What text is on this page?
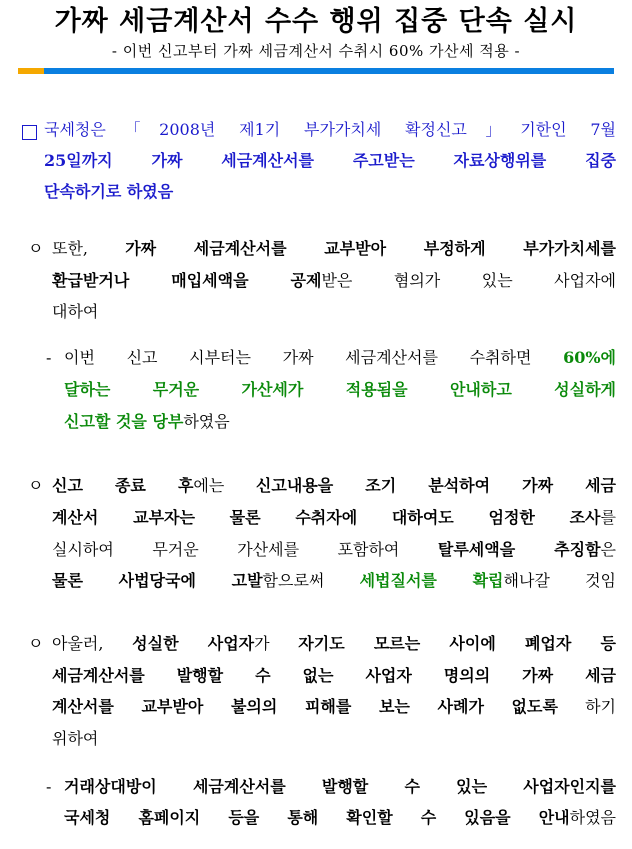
가짜 세금계산서 수수 행위 집중 단속 실시
- 이번 신고부터 가짜 세금계산서 수취시 60% 가산세 적용 -
국세청은「2008년 제1기 부가가치세 확정신고」기한인 7월
25일까지 가짜 세금계산서를 주고받는 자료상행위를 집중
단속하기로 하였음
ㅇ 또한, 가짜 세금계산서를 교부받아 부정하게 부가가치세를
환급받거나 매입세액을 공제받은 혐의가 있는 사업자에
대하여
- 이번 신고 시부터는 가짜 세금계산서를 수취하면 60%에
달하는 무거운 가산세가 적용됨을 안내하고 성실하게
신고할 것을 당부하였음
ㅇ 신고 종료 후에는 신고내용을 조기 분석하여 가짜 세금
계산서 교부자는 물론 수취자에 대하여도 엄정한 조사를
실시하여 무거운 가산세를 포함하여 탈루세액을 추징함은
물론 사법당국에 고발함으로써 세법질서를 확립해나갈 것임
ㅇ 아울러, 성실한 사업자가 자기도 모르는 사이에 폐업자 등
세금계산서를 발행할 수 없는 사업자 명의의 가짜 세금
계산서를 교부받아 불의의 피해를 보는 사례가 없도록 하기
위하여
- 거래상대방이 세금계산서를 발행할 수 있는 사업자인지를
국세청 홈페이지 등을 통해 확인할 수 있음을 안내하였음
